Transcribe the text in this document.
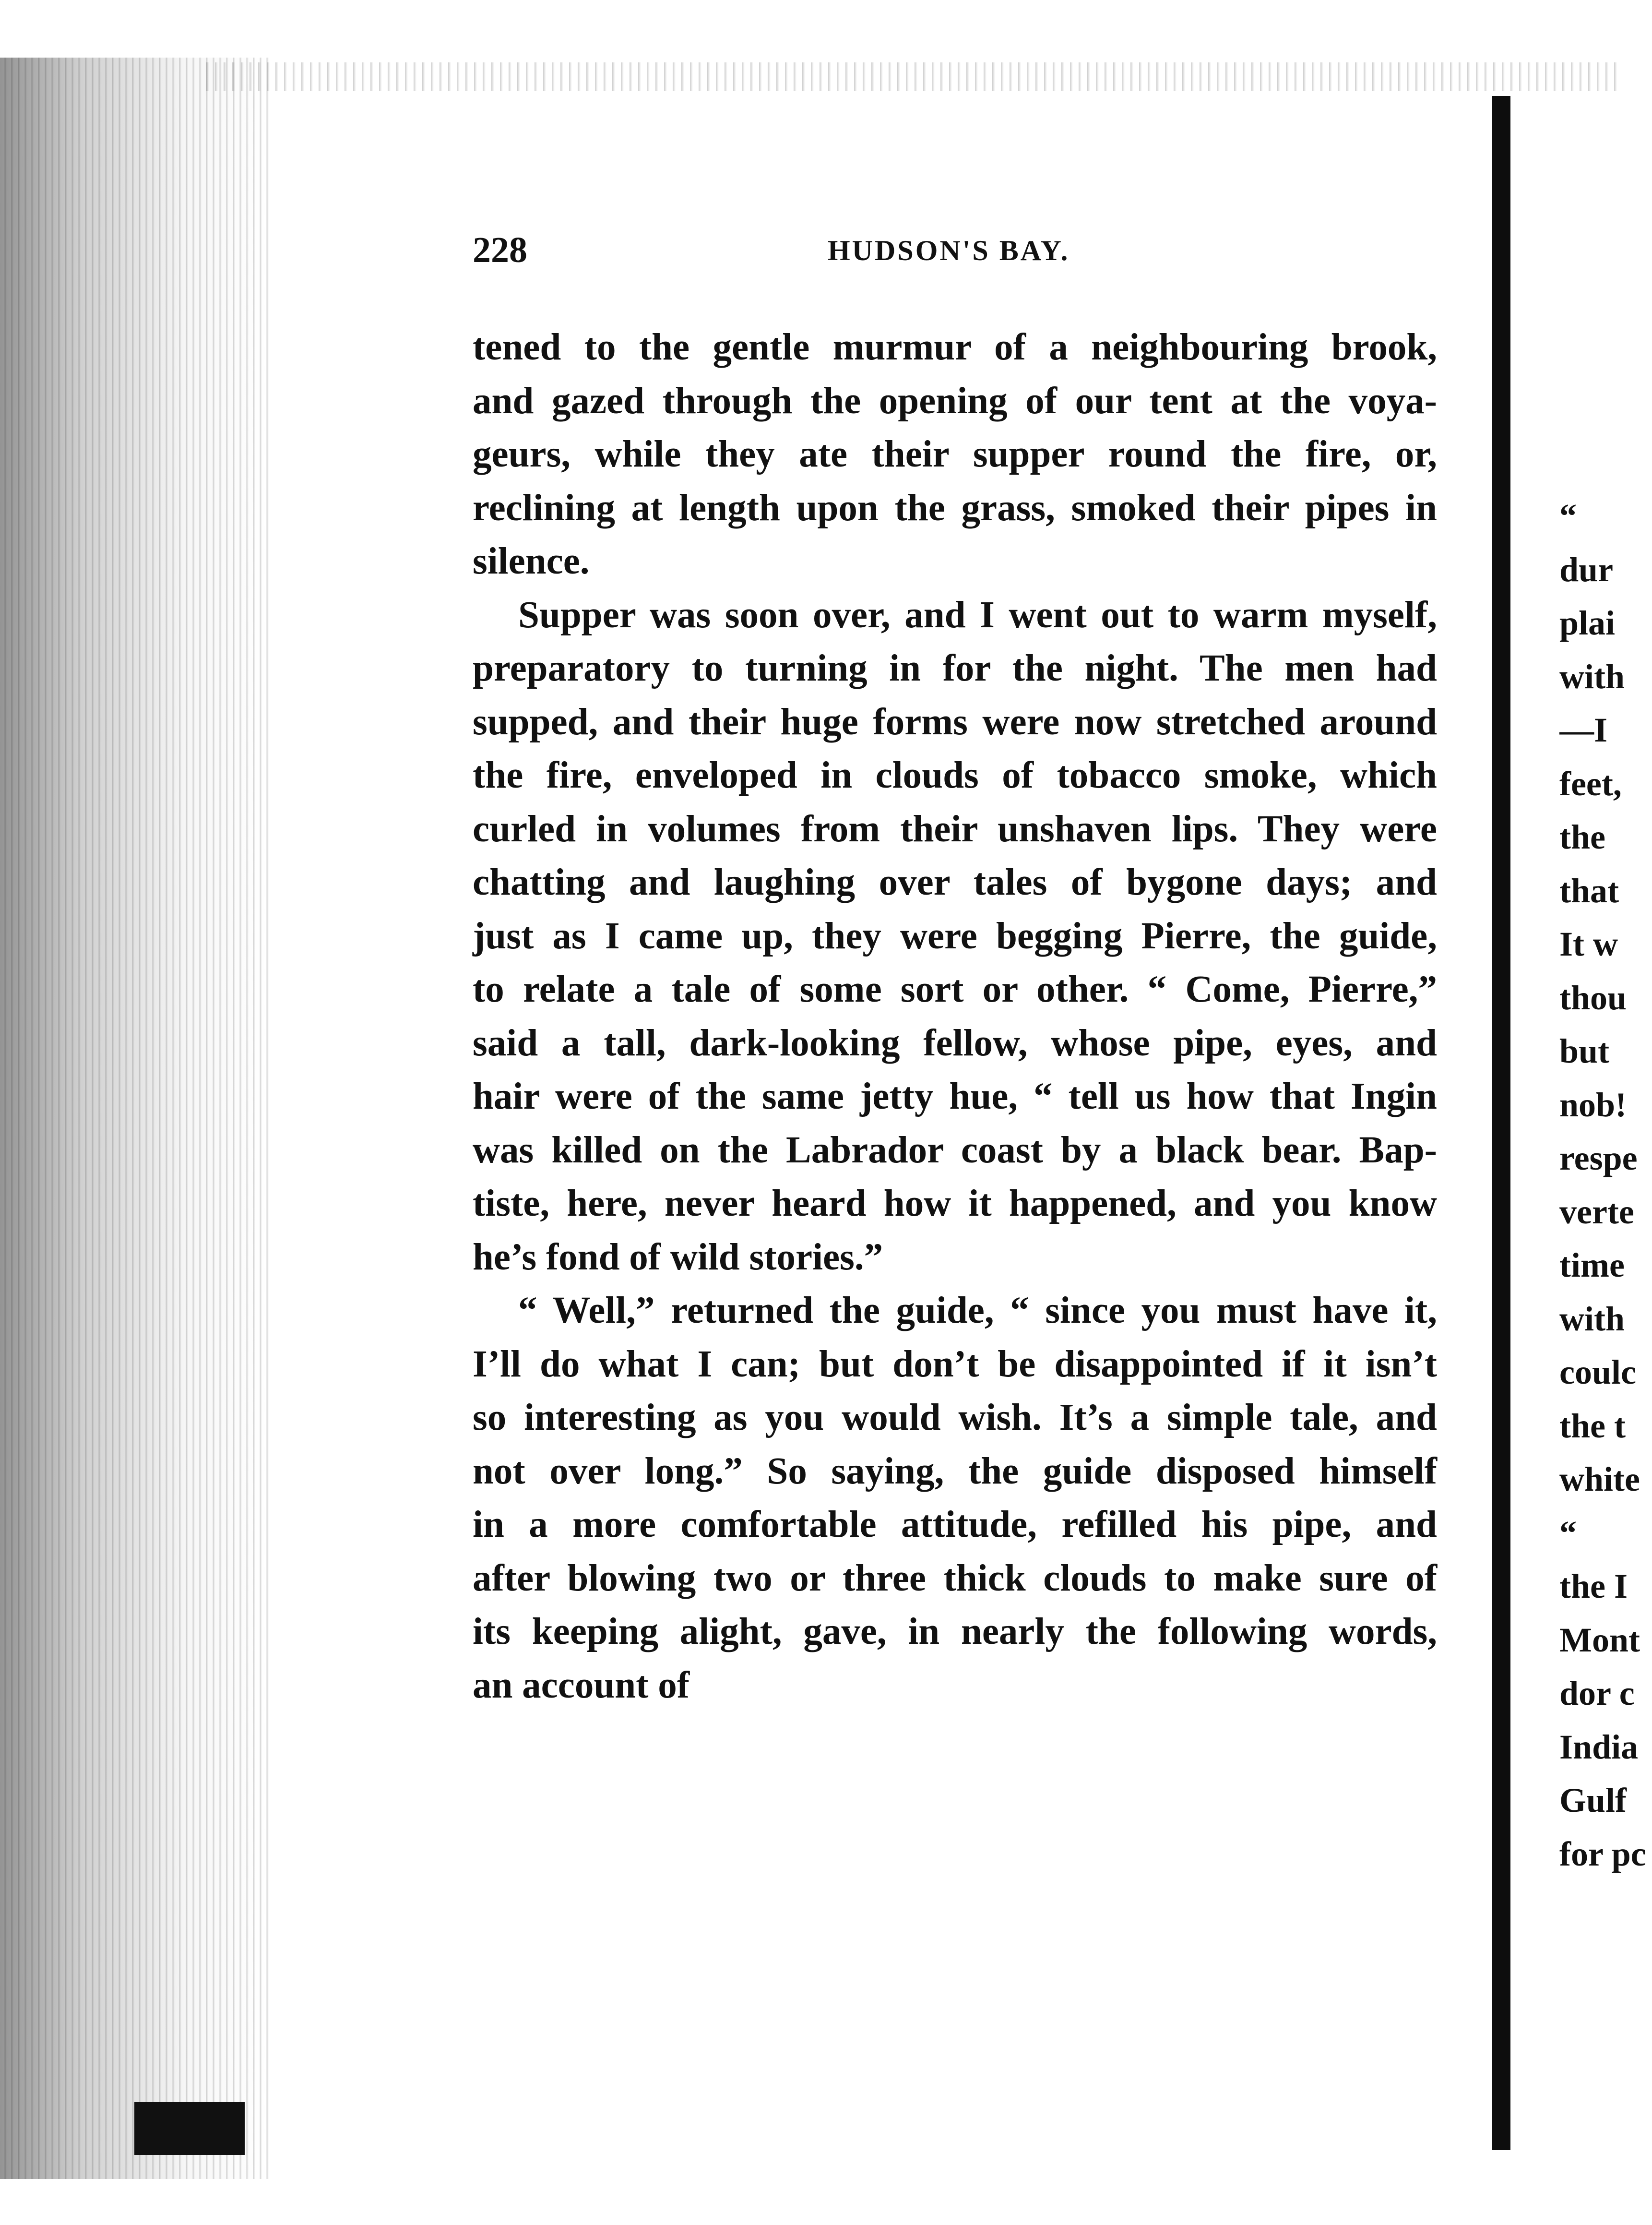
228	HUDSON'S BAY.
tened to the gentle murmur of a neighbouring brook,
and gazed through the opening of our tent at the voya-
geurs, while they ate their supper round the fire, or,
reclining at length upon the grass, smoked their pipes in
silence.
Supper was soon over, and I went out to warm myself,
preparatory to turning in for the night. The men had
supped, and their huge forms were now stretched around
the fire, enveloped in clouds of tobacco smoke, which
curled in volumes from their unshaven lips. They were
chatting and laughing over tales of bygone days; and
just as I came up, they were begging Pierre, the guide,
to relate a tale of some sort or other. “ Come, Pierre,”
said a tall, dark-looking fellow, whose pipe, eyes, and
hair were of the same jetty hue, “ tell us how that Ingin
was killed on the Labrador coast by a black bear. Bap-
tiste, here, never heard how it happened, and you know
he’s fond of wild stories.”
“ Well,” returned the guide, “ since you must have it,
I’ll do what I can; but don’t be disappointed if it isn’t
so interesting as you would wish. It’s a simple tale, and
not over long.” So saying, the guide disposed himself
in a more comfortable attitude, refilled his pipe, and
after blowing two or three thick clouds to make sure of
its keeping alight, gave, in nearly the following words,
an account of
“
dur
plai
with
—I
feet,
the
that
It w
thou
but
nob!
respe
verte
time
with
coulc
the t
white
“
the I
Mont
dor c
India
Gulf
for pc
